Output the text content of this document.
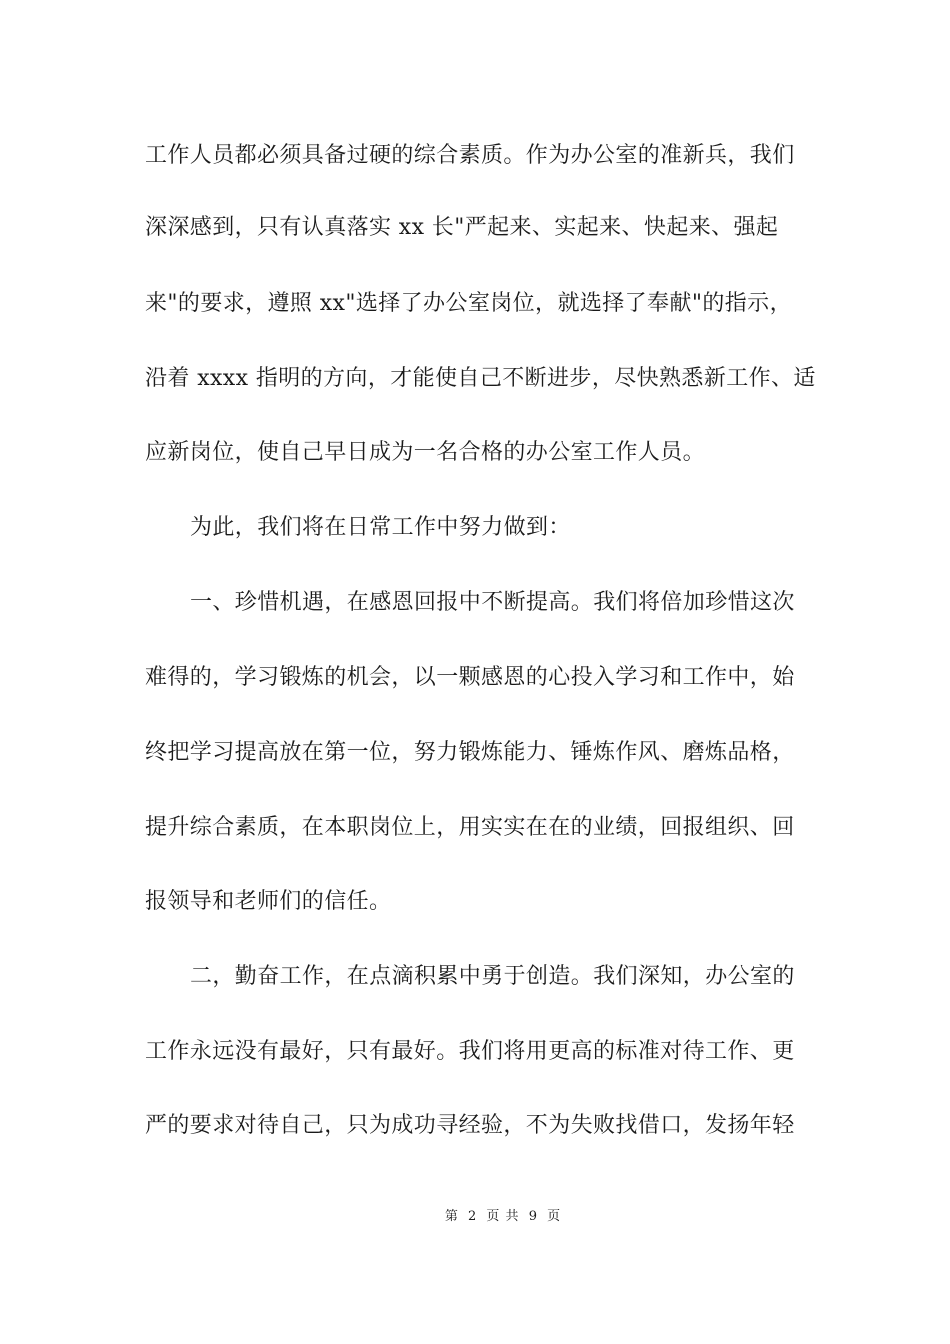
工作人员都必须具备过硬的综合素质。作为办公室的准新兵，我们
深深感到，只有认真落实 xx 长"严起来、实起来、快起来、强起
来"的要求，遵照 xx"选择了办公室岗位，就选择了奉献"的指示，
沿着 xxxx 指明的方向，才能使自己不断进步，尽快熟悉新工作、适
应新岗位，使自己早日成为一名合格的办公室工作人员。
为此，我们将在日常工作中努力做到：
一、珍惜机遇，在感恩回报中不断提高。我们将倍加珍惜这次
难得的，学习锻炼的机会，以一颗感恩的心投入学习和工作中，始
终把学习提高放在第一位，努力锻炼能力、锤炼作风、磨炼品格，
提升综合素质，在本职岗位上，用实实在在的业绩，回报组织、回
报领导和老师们的信任。
二，勤奋工作，在点滴积累中勇于创造。我们深知，办公室的
工作永远没有最好，只有最好。我们将用更高的标准对待工作、更
严的要求对待自己，只为成功寻经验，不为失败找借口，发扬年轻
第 2 页 共 9 页
